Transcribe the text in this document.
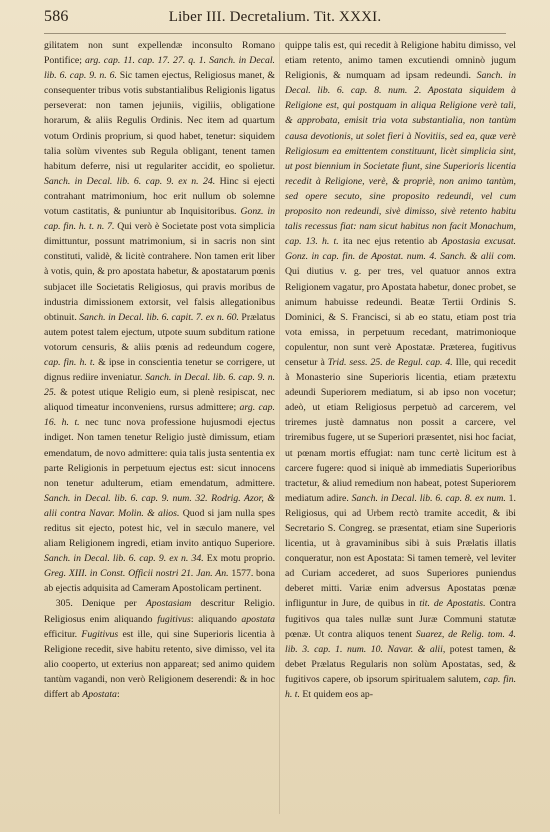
586	Liber III. Decretalium. Tit. XXXI.

gilitatem non sunt expellendæ inconsulto Romano Pontifice; arg. cap. 11. cap. 17. 27. q. 1. Sanch. in Decal. lib. 6. cap. 9. n. 6. Sic tamen ejectus, Religiosus manet, & consequenter tribus votis substantialibus Religionis ligatus perseverat: non tamen jejuniis, vigiliis, obligatione horarum, & aliis Regulis Ordinis. Nec item ad quartum votum Ordinis proprium, si quod habet, tenetur: siquidem talia solùm viventes sub Regula obligant, tenent tamen habitum deferre, nisi ut regulariter accidit, eo spolietur. Sanch. in Decal. lib. 6. cap. 9. ex n. 24. Hinc si ejecti contrahant matrimonium, hoc erit nullum ob solemne votum castitatis, & puniuntur ab Inquisitoribus. Gonz. in cap. fin. h. t. n. 7. Qui verò è Societate post vota simplicia dimittuntur, possunt matrimonium, si in sacris non sint constituti, validè, & licitè contrahere. Non tamen erit liber à votis, quin, & pro apostata habetur, & apostatarum pœnis subjacet ille Societatis Religiosus, qui pravis moribus de industria dimissionem extorsit, vel falsis allegationibus obtinuit. Sanch. in Decal. lib. 6. capit. 7. ex n. 60. Prælatus autem potest talem ejectum, utpote suum subditum ratione votorum censuris, & aliis pœnis ad redeundum cogere, cap. fin. h. t. & ipse in conscientia tenetur se corrigere, ut dignus rediire inveniatur. Sanch. in Decal. lib. 6. cap. 9. n. 25. & potest utique Religio eum, si plenè resipiscat, nec aliquod timeatur inconveniens, rursus admittere; arg. cap. 16. h. t. nec tunc nova professione hujusmodi ejectus indiget. Non tamen tenetur Religio justè dimissum, etiam emendatum, de novo admittere: quia talis justa sententia ex parte Religionis in perpetuum ejectus est: sicut innocens non tenetur adulterum, etiam emendatum, admittere. Sanch. in Decal. lib. 6. cap. 9. num. 32. Rodrig. Azor, & alii contra Navar. Molin. & alios. Quod si jam nulla spes reditus sit ejecto, potest hic, vel in sæculo manere, vel aliam Religionem ingredi, etiam invito antiquo Superiore. Sanch. in Decal. lib. 6. cap. 9. ex n. 34. Ex motu proprio. Greg. XIII. in Const. Officii nostri 21. Jan. An. 1577. bona ab ejectis adquisita ad Cameram Apostolicam pertinent.

305. Denique per Apostasiam descritur Religio. Religiosus enim aliquando fugitivus: aliquando apostata efficitur. Fugitivus est ille, qui sine Superioris licentia à Religione recedit, sive habitu retento, sive dimisso, vel ita alio cooperto, ut exterius non appareat; sed animo quidem tantùm vagandi, non verò Religionem deserendi: & in hoc differt ab Apostata:

quippe talis est, qui recedit à Religione habitu dimisso, vel etiam retento, animo tamen excutiendi omninò jugum Religionis, & numquam ad ipsam redeundi. Sanch. in Decal. lib. 6. cap. 8. num. 2. Apostata siquidem à Religione est, qui postquam in aliqua Religione verè tali, & approbata, emisit tria vota substantialia, non tantùm causa devotionis, ut solet fieri à Novitiis, sed ea, quæ verè Religiosum ea emittentem constituunt, licèt simplicia sint, ut post biennium in Societate fiunt, sine Superioris licentia recedit à Religione, verè, & propriè, non animo tantùm, sed opere secuto, sine proposito redeundi, vel cum proposito non redeundi, sivè dimisso, sivè retento habitu talis recessus fiat: nam sicut habitus non facit Monachum, cap. 13. h. t. ita nec ejus retentio ab Apostasia excusat. Gonz. in cap. fin. de Apostat. num. 4. Sanch. & alii com. Qui diutius v. g. per tres, vel quatuor annos extra Religionem vagatur, pro Apostata habetur, donec probet, se animum habuisse redeundi. Beatæ Tertii Ordinis S. Dominici, & S. Francisci, si ab eo statu, etiam post tria vota emissa, in perpetuum recedant, matrimonioque copulentur, non sunt verè Apostatæ. Præterea, fugitivus censetur à Trid. sess. 25. de Regul. cap. 4. Ille, qui recedit à Monasterio sine Superioris licentia, etiam prætextu adeundi Superiorem mediatum, si ab ipso non vocetur; adeò, ut etiam Religiosus perpetuò ad carcerem, vel triremes justè damnatus non possit a carcere, vel triremibus fugere, ut se Superiori præsentet, nisi hoc faciat, ut pœnam mortis effugiat: nam tunc certè licitum est à carcere fugere: quod si iniquè ab immediatis Superioribus tractetur, & aliud remedium non habeat, potest Superiorem mediatum adire. Sanch. in Decal. lib. 6. cap. 8. ex num. 1. Religiosus, qui ad Urbem rectò tramite accedit, & ibi Secretario S. Congreg. se præsentat, etiam sine Superioris licentia, ut à gravaminibus sibi à suis Prælatis illatis conqueratur, non est Apostata: Si tamen temerè, vel leviter ad Curiam accederet, ad suos Superiores puniendus deberet mitti. Variæ enim adversus Apostatas pœnæ infliguntur in Jure, de quibus in tit. de Apostatis. Contra fugitivos qua tales nullæ sunt Juræ Communi statutæ pœnæ. Ut contra aliquos tenent Suarez, de Relig. tom. 4. lib. 3. cap. 1. num. 10. Navar. & alii, potest tamen, & debet Prælatus Regularis non solùm Apostatas, sed, & fugitivos capere, ob ipsorum spiritualem salutem, cap. fin. h. t. Et quidem eos ap-
